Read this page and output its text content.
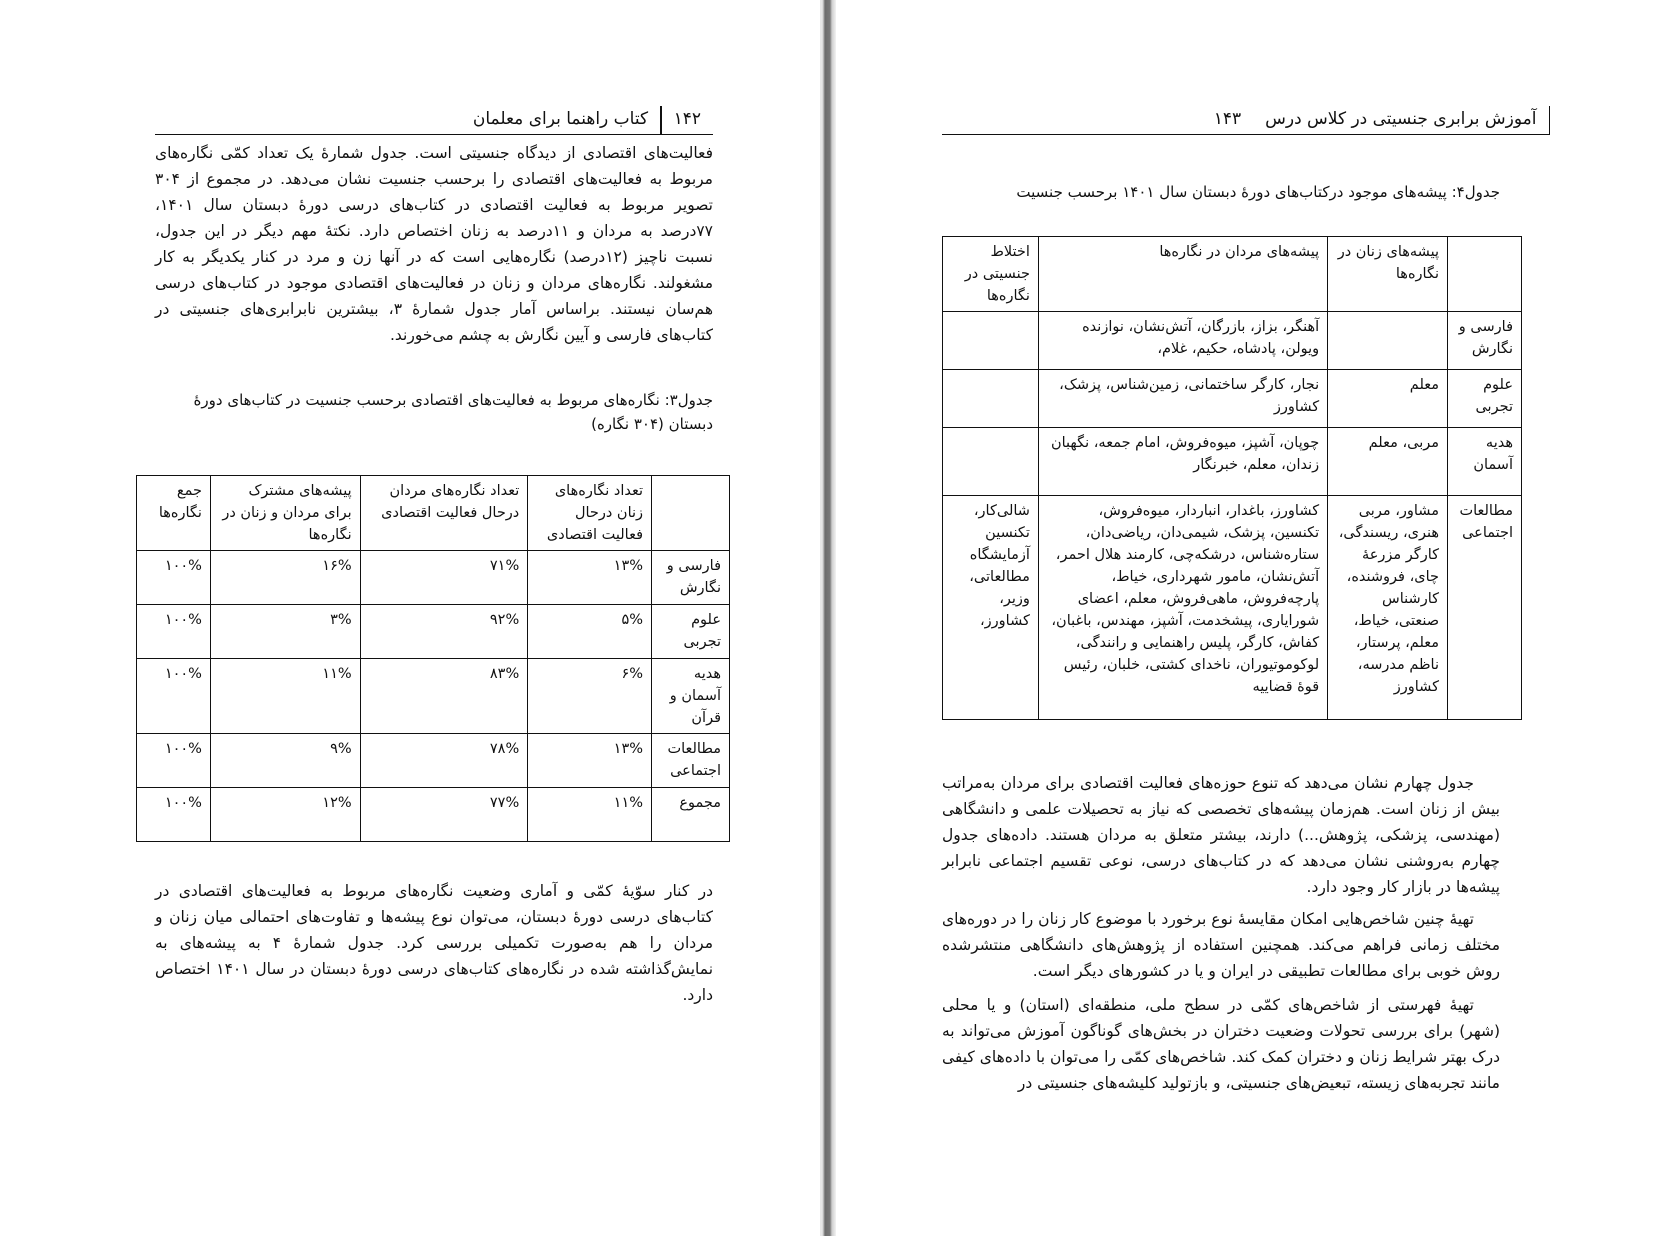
۱۴۲
کتاب راهنما برای معلمان
فعالیت‌های اقتصادی از دیدگاه جنسیتی است. جدول شمارهٔ یک تعداد کمّی نگاره‌های مربوط به فعالیت‌های اقتصادی را برحسب جنسیت نشان می‌دهد. در مجموع از ۳۰۴ تصویر مربوط به فعالیت اقتصادی در کتاب‌های درسی دورهٔ دبستان سال ۱۴۰۱، ۷۷درصد به مردان و ۱۱درصد به زنان اختصاص دارد. نکتهٔ مهم دیگر در این جدول، نسبت ناچیز (۱۲درصد) نگاره‌هایی است که در آنها زن و مرد در کنار یکدیگر به کار مشغولند. نگاره‌های مردان و زنان در فعالیت‌های اقتصادی موجود در کتاب‌های درسی هم‌سان نیستند. براساس آمار جدول شمارهٔ ۳، بیشترین نابرابری‌های جنسیتی در کتاب‌های فارسی و آیین نگارش به چشم می‌خورند.
جدول۳: نگاره‌های مربوط به فعالیت‌های اقتصادی برحسب جنسیت در کتاب‌های دورهٔ دبستان (۳۰۴ نگاره)
	تعداد نگاره‌های زنان درحال فعالیت اقتصادی	تعداد نگاره‌های مردان درحال فعالیت اقتصادی	پیشه‌های مشترک برای مردان و زنان در نگاره‌ها	جمع نگاره‌ها
فارسی و نگارش	۱۳%	۷۱%	۱۶%	۱۰۰%
علوم تجربی	۵%	۹۲%	۳%	۱۰۰%
هدیه آسمان و قرآن	۶%	۸۳%	۱۱%	۱۰۰%
مطالعات اجتماعی	۱۳%	۷۸%	۹%	۱۰۰%
مجموع	۱۱%	۷۷%	۱۲%	۱۰۰%
در کنار سوّیهٔ کمّی و آماری وضعیت نگاره‌های مربوط به فعالیت‌های اقتصادی در کتاب‌های درسی دورهٔ دبستان، می‌توان نوع پیشه‌ها و تفاوت‌های احتمالی میان زنان و مردان را هم به‌صورت تکمیلی بررسی کرد. جدول شمارهٔ ۴ به پیشه‌های به نمایش‌گذاشته شده در نگاره‌های کتاب‌های درسی دورهٔ دبستان در سال ۱۴۰۱ اختصاص دارد.
آموزش برابری جنسیتی در کلاس درس
۱۴۳
جدول۴: پیشه‌های موجود درکتاب‌های دورهٔ دبستان سال ۱۴۰۱ برحسب جنسیت
	پیشه‌های زنان در نگاره‌ها	پیشه‌های مردان در نگاره‌ها	اختلاط جنسیتی در نگاره‌ها
فارسی و نگارش		آهنگر، بزاز، بازرگان، آتش‌نشان، نوازنده ویولن، پادشاه، حکیم، غلام،	
علوم تجربی	معلم	نجار، کارگر ساختمانی، زمین‌شناس، پزشک، کشاورز	
هدیه آسمان	مربی، معلم	چوپان، آشپز، میوه‌فروش، امام جمعه، نگهبان زندان، معلم، خبرنگار	
مطالعات اجتماعی	مشاور، مربی هنری، ریسندگی، کارگر مزرعهٔ چای، فروشنده، کارشناس صنعتی، خیاط، معلم، پرستار، ناظم مدرسه، کشاورز	کشاورز، باغدار، انباردار، میوه‌فروش، تکنسین، پزشک، شیمی‌دان، ریاضی‌دان، ستاره‌شناس، درشکه‌چی، کارمند هلال احمر، آتش‌نشان، مامور شهرداری، خیاط، پارچه‌فروش، ماهی‌فروش، معلم، اعضای شورایاری، پیشخدمت، آشپز، مهندس، باغبان، کفاش، کارگر، پلیس راهنمایی و رانندگی، لوکوموتیوران، ناخدای کشتی، خلبان، رئیس قوهٔ قضاییه	شالی‌کار، تکنسین آزمایشگاه مطالعاتی، وزیر، کشاورز،
جدول چهارم نشان می‌دهد که تنوع حوزه‌های فعالیت اقتصادی برای مردان به‌مراتب بیش از زنان است. هم‌زمان پیشه‌های تخصصی که نیاز به تحصیلات علمی و دانشگاهی (مهندسی، پزشکی، پژوهش...) دارند، بیشتر متعلق به مردان هستند. داده‌های جدول چهارم به‌روشنی نشان می‌دهد که در کتاب‌های درسی، نوعی تقسیم اجتماعی نابرابر پیشه‌ها در بازار کار وجود دارد.
تهیهٔ چنین شاخص‌هایی امکان مقایسهٔ نوع برخورد با موضوع کار زنان را در دوره‌های مختلف زمانی فراهم می‌کند. همچنین استفاده از پژوهش‌های دانشگاهی منتشرشده روش خوبی برای مطالعات تطبیقی در ایران و یا در کشورهای دیگر است.
تهیهٔ فهرستی از شاخص‌های کمّی در سطح ملی، منطقه‌ای (استان) و یا محلی (شهر) برای بررسی تحولات وضعیت دختران در بخش‌های گوناگون آموزش می‌تواند به درک بهتر شرایط زنان و دختران کمک کند. شاخص‌های کمّی را می‌توان با داده‌های کیفی مانند تجربه‌های زیسته، تبعیض‌های جنسیتی، و بازتولید کلیشه‌های جنسیتی در
